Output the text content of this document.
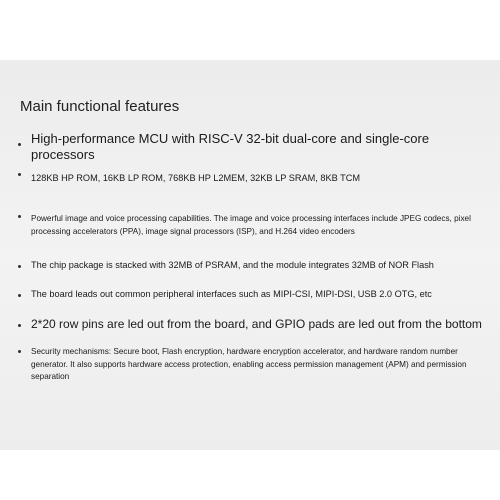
Main functional features
High-performance MCU with RISC-V 32-bit dual-core and single-core processors
128KB HP ROM, 16KB LP ROM, 768KB HP L2MEM, 32KB LP SRAM, 8KB TCM
Powerful image and voice processing capabilities. The image and voice processing interfaces include JPEG codecs, pixel processing accelerators (PPA), image signal processors (ISP), and H.264 video encoders
The chip package is stacked with 32MB of PSRAM, and the module integrates 32MB of NOR Flash
The board leads out common peripheral interfaces such as MIPI-CSI, MIPI-DSI, USB 2.0 OTG, etc
2*20 row pins are led out from the board, and GPIO pads are led out from the bottom
Security mechanisms: Secure boot, Flash encryption, hardware encryption accelerator, and hardware random number generator. It also supports hardware access protection, enabling access permission management (APM) and permission separation
